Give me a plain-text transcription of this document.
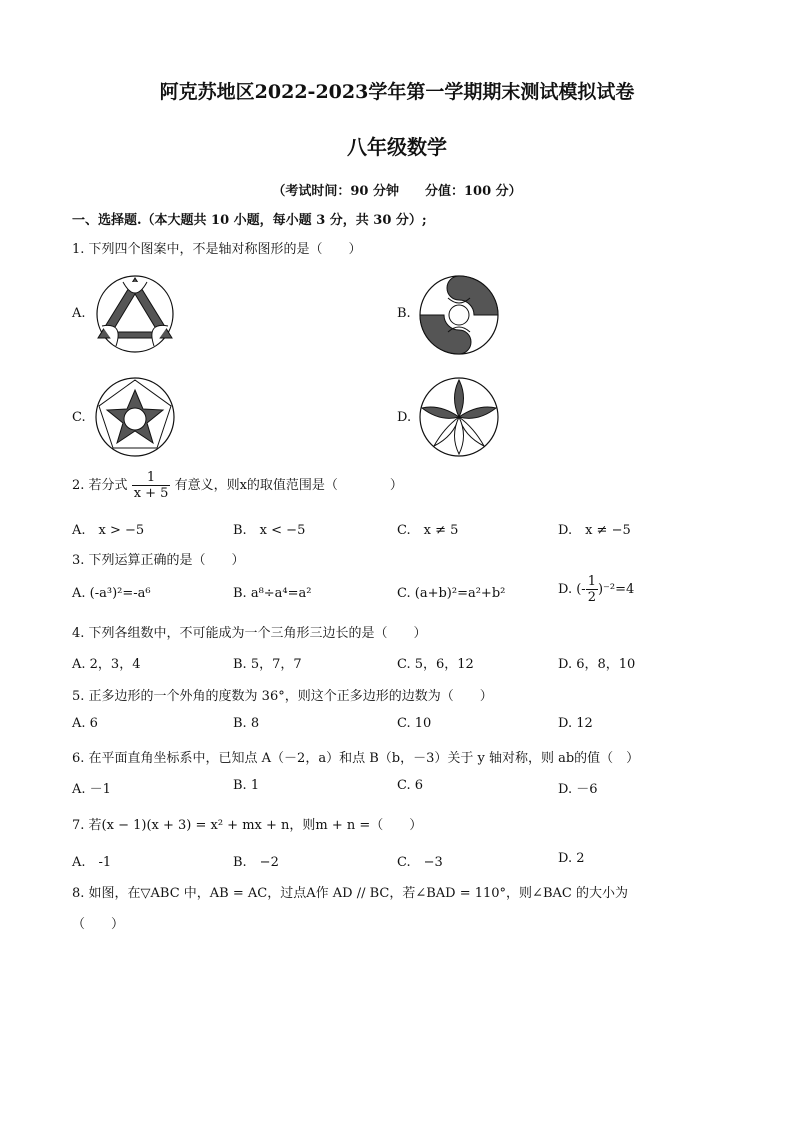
阿克苏地区2022-2023学年第一学期期末测试模拟试卷
八年级数学
（考试时间：90 分钟　　分值：100 分）
一、选择题.（本大题共 10 小题，每小题 3 分，共 30 分）;
1. 下列四个图案中，不是轴对称图形的是（　　）
A.	B.
C.	D.
2. 若分式 $\frac{1}{x + 5}$ 有意义，则x的取值范围是（　　　　）
A.　x > −5	B.　x < −5	C.　x ≠ 5	D.　x ≠ −5
3. 下列运算正确的是（　　）
A. (-a³)²=-a⁶	B. a⁸÷a⁴=a²	C. (a+b)²=a²+b²	D. (- $\frac{1}{2} )^{-2}=4$
4. 下列各组数中，不可能成为一个三角形三边长的是（　　）
A. 2，3，4	B. 5，7，7	C. 5，6，12	D. 6，8，10
5. 正多边形的一个外角的度数为 36°，则这个正多边形的边数为（　　）
A. 6	B. 8	C. 10	D. 12
6. 在平面直角坐标系中，已知点 A（－2，a）和点 B（b，－3）关于 y 轴对称，则 ab的值（　）
A. －1	B. 1	C. 6	D. －6
7. 若(x − 1)(x + 3) = x² + mx + n，则m + n =（　　）
A.　-1	B.　−2	C.　−3	D. 2
8. 如图，在▽ABC 中，AB = AC，过点A作 AD // BC，若∠BAD = 110°，则∠BAC 的大小为
（　　）
